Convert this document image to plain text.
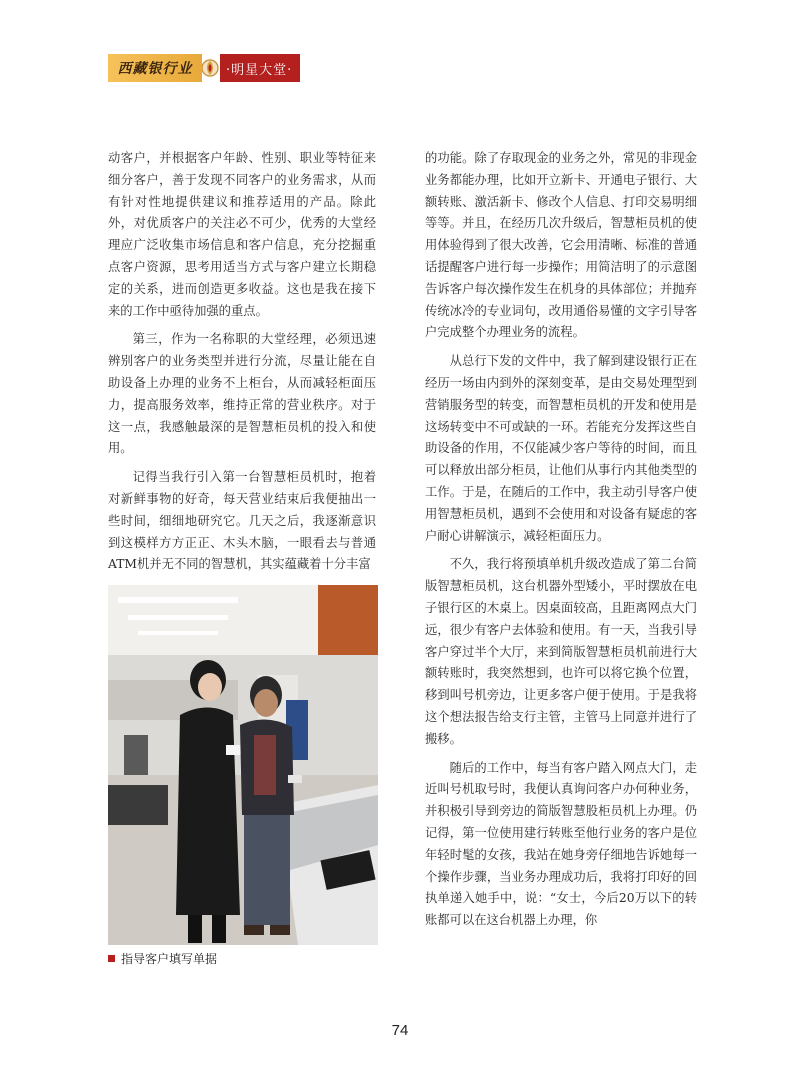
西藏银行业	·明星大堂·

动客户，并根据客户年龄、性别、职业等特征来细分客户，善于发现不同客户的业务需求，从而有针对性地提供建议和推荐适用的产品。除此外，对优质客户的关注必不可少，优秀的大堂经理应广泛收集市场信息和客户信息，充分挖掘重点客户资源，思考用适当方式与客户建立长期稳定的关系，进而创造更多收益。这也是我在接下来的工作中亟待加强的重点。

第三，作为一名称职的大堂经理，必须迅速辨别客户的业务类型并进行分流，尽量让能在自助设备上办理的业务不上柜台，从而减轻柜面压力，提高服务效率，维持正常的营业秩序。对于这一点，我感触最深的是智慧柜员机的投入和使用。

记得当我行引入第一台智慧柜员机时，抱着对新鲜事物的好奇，每天营业结束后我便抽出一些时间，细细地研究它。几天之后，我逐渐意识到这模样方方正正、木头木脑，一眼看去与普通ATM机并无不同的智慧机，其实蕴藏着十分丰富

指导客户填写单据

的功能。除了存取现金的业务之外，常见的非现金业务都能办理，比如开立新卡、开通电子银行、大额转账、激活新卡、修改个人信息、打印交易明细等等。并且，在经历几次升级后，智慧柜员机的使用体验得到了很大改善，它会用清晰、标准的普通话提醒客户进行每一步操作；用简洁明了的示意图告诉客户每次操作发生在机身的具体部位；并抛弃传统冰冷的专业词句，改用通俗易懂的文字引导客户完成整个办理业务的流程。

从总行下发的文件中，我了解到建设银行正在经历一场由内到外的深刻变革，是由交易处理型到营销服务型的转变，而智慧柜员机的开发和使用是这场转变中不可或缺的一环。若能充分发挥这些自助设备的作用，不仅能减少客户等待的时间，而且可以释放出部分柜员，让他们从事行内其他类型的工作。于是，在随后的工作中，我主动引导客户使用智慧柜员机，遇到不会使用和对设备有疑虑的客户耐心讲解演示，减轻柜面压力。

不久，我行将预填单机升级改造成了第二台简版智慧柜员机，这台机器外型矮小，平时摆放在电子银行区的木桌上。因桌面较高，且距离网点大门远，很少有客户去体验和使用。有一天，当我引导客户穿过半个大厅，来到简版智慧柜员机前进行大额转账时，我突然想到，也许可以将它换个位置，移到叫号机旁边，让更多客户便于使用。于是我将这个想法报告给支行主管，主管马上同意并进行了搬移。

随后的工作中，每当有客户踏入网点大门，走近叫号机取号时，我便认真询问客户办何种业务，并积极引导到旁边的简版智慧股柜员机上办理。仍记得，第一位使用建行转账至他行业务的客户是位年轻时髦的女孩，我站在她身旁仔细地告诉她每一个操作步骤，当业务办理成功后，我将打印好的回执单递入她手中，说：“女士，今后20万以下的转账都可以在这台机器上办理，你

74
